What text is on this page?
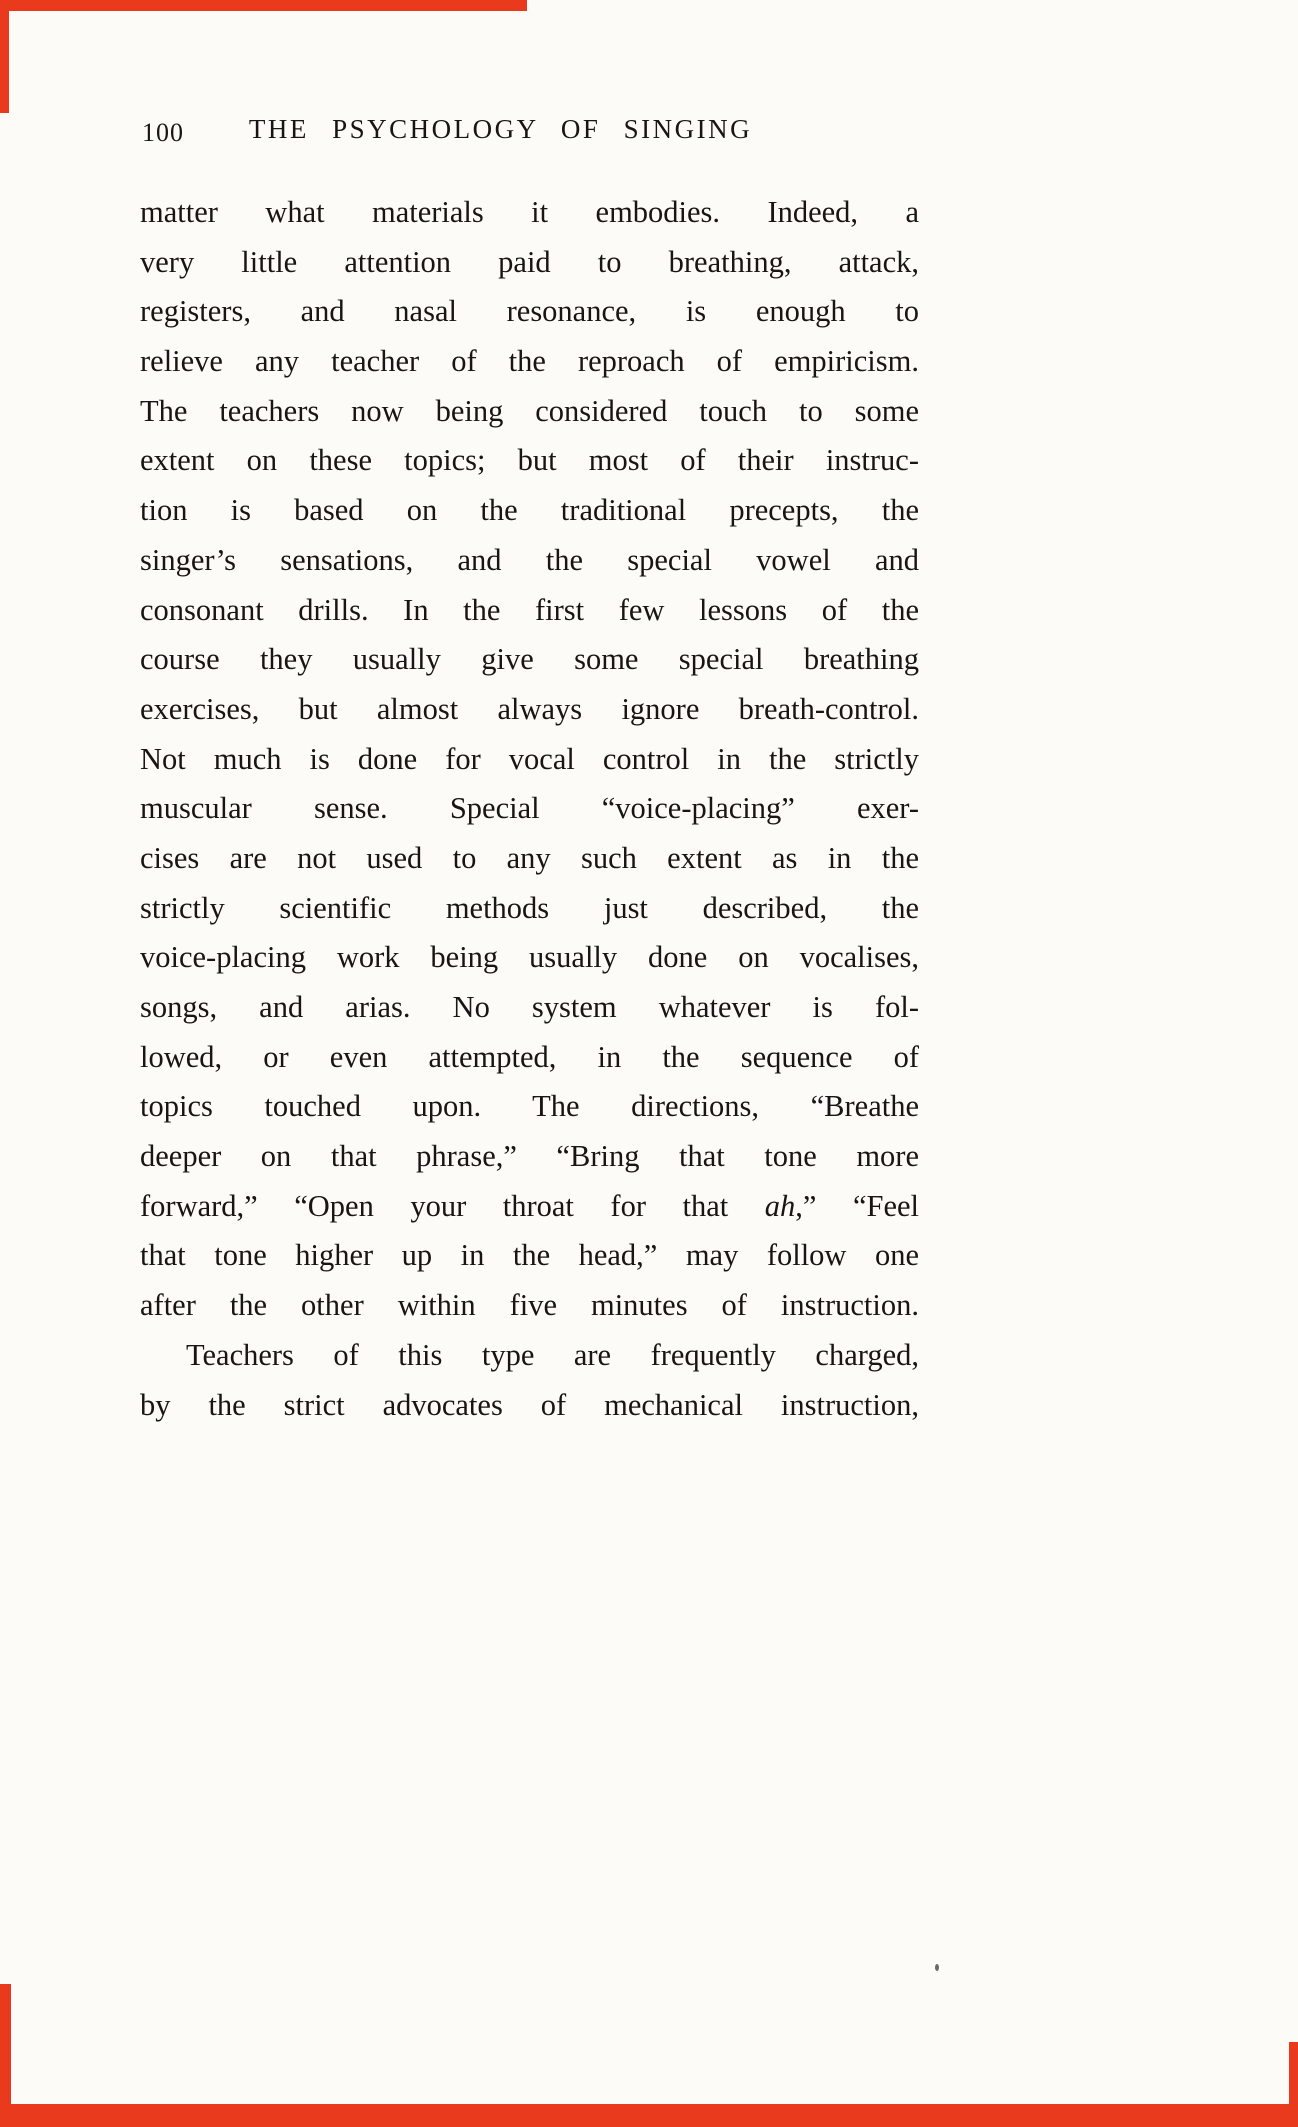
100	THE PSYCHOLOGY OF SINGING
matter what materials it embodies. Indeed, a
very little attention paid to breathing, attack,
registers, and nasal resonance, is enough to
relieve any teacher of the reproach of empiricism.
The teachers now being considered touch to some
extent on these topics; but most of their instruc-
tion is based on the traditional precepts, the
singer’s sensations, and the special vowel and
consonant drills. In the first few lessons of the
course they usually give some special breathing
exercises, but almost always ignore breath-control.
Not much is done for vocal control in the strictly
muscular sense. Special “voice-placing” exer-
cises are not used to any such extent as in the
strictly scientific methods just described, the
voice-placing work being usually done on vocalises,
songs, and arias. No system whatever is fol-
lowed, or even attempted, in the sequence of
topics touched upon. The directions, “Breathe
deeper on that phrase,” “Bring that tone more
forward,” “Open your throat for that ah,” “Feel
that tone higher up in the head,” may follow one
after the other within five minutes of instruction.
Teachers of this type are frequently charged,
by the strict advocates of mechanical instruction,
